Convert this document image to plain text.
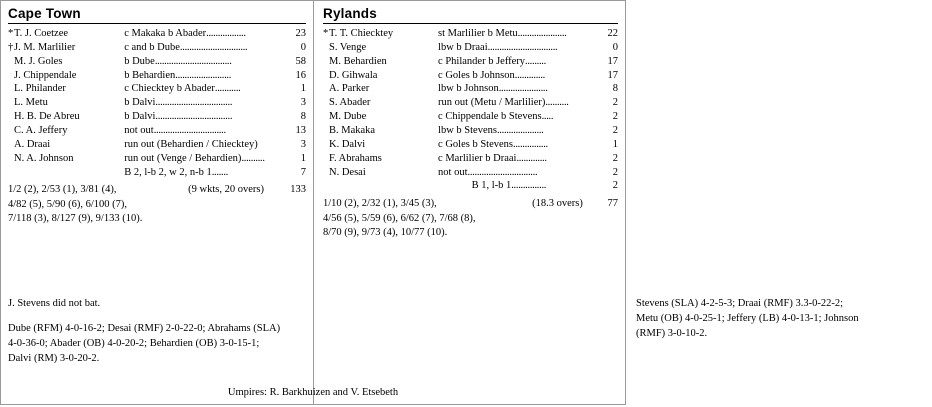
Cape Town
*T. J. Coetzee	c Makaka b Abader.................	23
†J. M. Marlilier	c and b Dube.............................	0
M. J. Goles	b Dube.................................	58
J. Chippendale	b Behardien........................	16
L. Philander	c Chiecktey b Abader...........	1
L. Metu	b Dalvi.................................	3
H. B. De Abreu	b Dalvi.................................	8
C. A. Jeffery	not out...............................	13
A. Draai	run out (Behardien / Chiecktey)	3
N. A. Johnson	run out (Venge / Behardien)..........	1
	B 2, l-b 2, w 2, n-b 1.......	7
1/2 (2), 2/53 (1), 3/81 (4),	(9 wkts, 20 overs)	133
4/82 (5), 5/90 (6), 6/100 (7),
7/118 (3), 8/127 (9), 9/133 (10).
J. Stevens did not bat.
Dube (RFM) 4-0-16-2; Desai (RMF) 2-0-22-0; Abrahams (SLA)
4-0-36-0; Abader (OB) 4-0-20-2; Behardien (OB) 3-0-15-1;
Dalvi (RM) 3-0-20-2.
Rylands
*T. T. Chiecktey	st Marlilier b Metu.....................	22
S. Venge	lbw b Draai..............................	0
M. Behardien	c Philander b Jeffery.........	17
D. Gihwala	c Goles b Johnson.............	17
A. Parker	lbw b Johnson.....................	8
S. Abader	run out (Metu / Marlilier)..........	2
M. Dube	c Chippendale b Stevens.....	2
B. Makaka	lbw b Stevens....................	2
K. Dalvi	c Goles b Stevens...............	1
F. Abrahams	c Marlilier b Draai.............	2
N. Desai	not out..............................	2
	B 1, l-b 1...............	2
1/10 (2), 2/32 (1), 3/45 (3),	(18.3 overs)	77
4/56 (5), 5/59 (6), 6/62 (7), 7/68 (8),
8/70 (9), 9/73 (4), 10/77 (10).
Stevens (SLA) 4-2-5-3; Draai (RMF) 3.3-0-22-2;
Metu (OB) 4-0-25-1; Jeffery (LB) 4-0-13-1; Johnson
(RMF) 3-0-10-2.
Umpires: R. Barkhuizen and V. Etsebeth
